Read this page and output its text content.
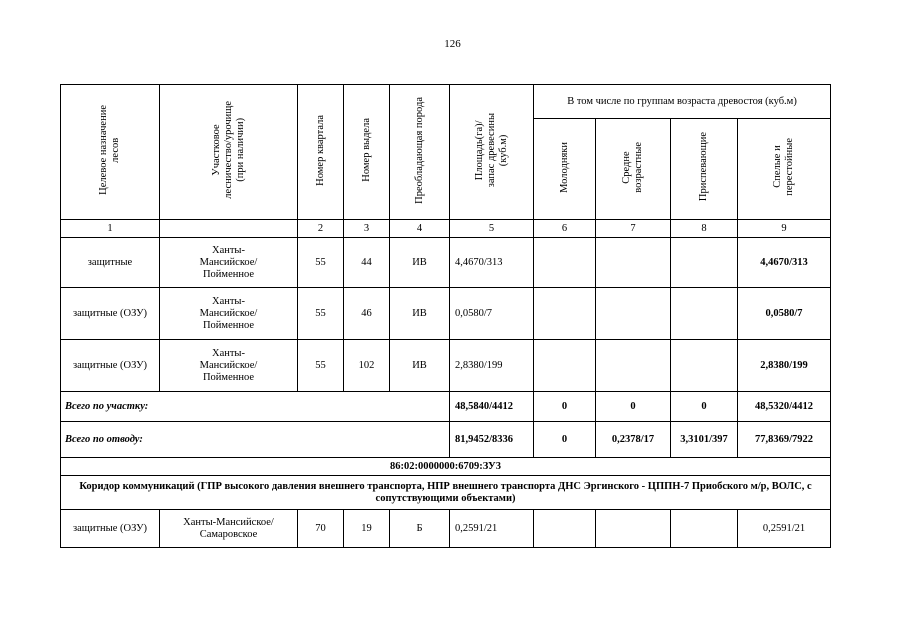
126
Целевое назначение
лесов	Участковое
лесничество/урочище
(при наличии)	Номер квартала	Номер выдела	Преобладающая порода	Площадь(га)/
запас древесины
(куб.м)	В том числе по группам возраста древостоя (куб.м)			
						Молодняки	Средне
возрастные	Приспевающие	Спелые и
перестойные
1		2	3	4	5	6	7	8	9
защитные	Ханты-
Мансийское/
Пойменное	55	44	ИВ	4,4670/313				4,4670/313
защитные (ОЗУ)	Ханты-
Мансийское/
Пойменное	55	46	ИВ	0,0580/7				0,0580/7
защитные (ОЗУ)	Ханты-
Мансийское/
Пойменное	55	102	ИВ	2,8380/199				2,8380/199
Всего по участку:					48,5840/4412	0	0	0	48,5320/4412
Всего по отводу:					81,9452/8336	0	0,2378/17	3,3101/397	77,8369/7922
86:02:0000000:6709:ЗУ3									
Коридор коммуникаций (ГПР высокого давления внешнего транспорта, НПР внешнего транспорта ДНС Эргинского - ЦППН-7 Приобского м/р, ВОЛС, с сопутствующими объектами)									
защитные (ОЗУ)	Ханты-Мансийское/
Самаровское	70	19	Б	0,2591/21				0,2591/21
